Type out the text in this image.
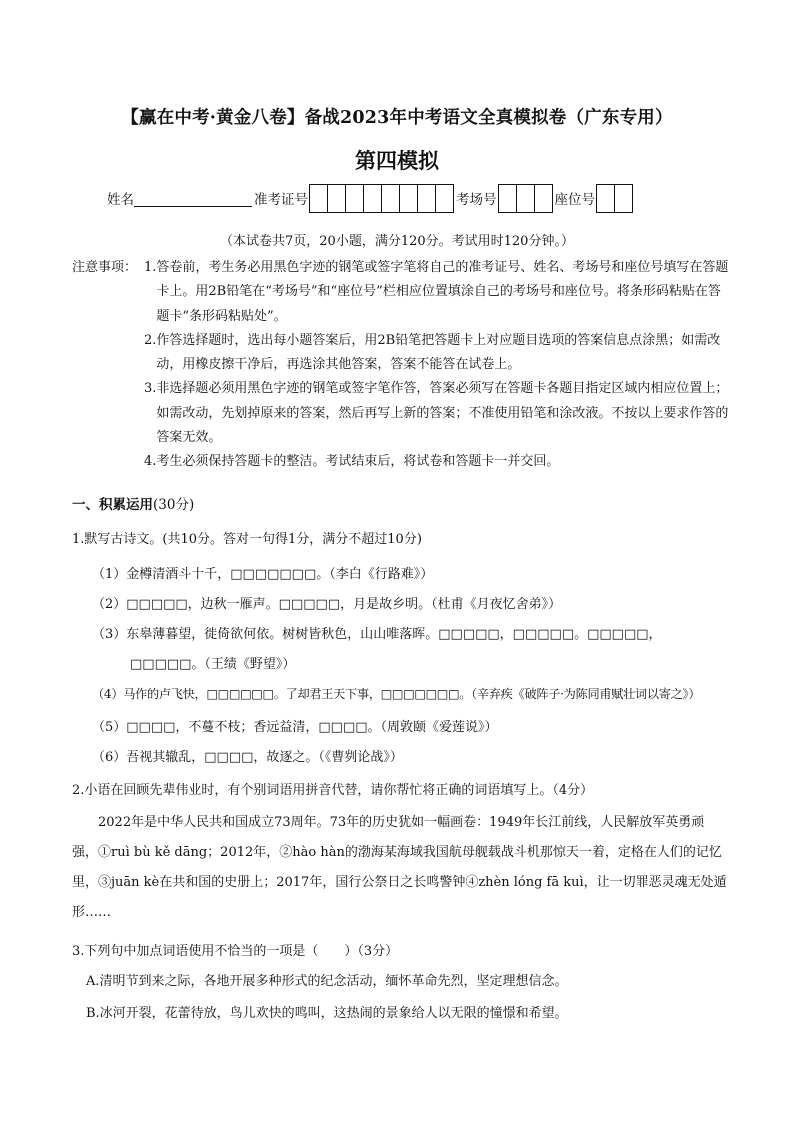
【赢在中考·黄金八卷】备战2023年中考语文全真模拟卷（广东专用）
第四模拟
姓名	准考证号	考场号	座位号
（本试卷共7页，20小题，满分120分。考试用时120分钟。）
注意事项： 1. 答卷前，考生务必用黑色字迹的钢笔或签字笔将自己的准考证号、姓名、考场号和座位号填写在答题卡上。用2B铅笔在“考场号”和“座位号”栏相应位置填涂自己的考场号和座位号。将条形码粘贴在答题卡“条形码粘贴处”。
2. 作答选择题时，选出每小题答案后，用2B铅笔把答题卡上对应题目选项的答案信息点涂黑；如需改动，用橡皮擦干净后，再选涂其他答案，答案不能答在试卷上。
3. 非选择题必须用黑色字迹的钢笔或签字笔作答，答案必须写在答题卡各题目指定区域内相应位置上；如需改动，先划掉原来的答案，然后再写上新的答案；不准使用铅笔和涂改液。不按以上要求作答的答案无效。
4. 考生必须保持答题卡的整洁。考试结束后，将试卷和答题卡一并交回。
一、积累运用(30分)
1.默写古诗文。(共10分。答对一句得1分，满分不超过10分)
（1）金樽清酒斗十千，□□□□□□□。（李白《行路难》）
（2）□□□□□，边秋一雁声。□□□□□，月是故乡明。（杜甫《月夜忆舍弟》）
（3）东皋薄暮望，徙倚欲何依。树树皆秋色，山山唯落晖。□□□□□，□□□□□。□□□□□，
□□□□□。（王绩《野望》）
（4）马作的卢飞快，□□□□□□。了却君王天下事，□□□□□□□。（辛弃疾《破阵子·为陈同甫赋壮词以寄之》）
（5）□□□□，不蔓不枝；香远益清，□□□□。（周敦颐《爱莲说》）
（6）吾视其辙乱，□□□□，故逐之。（《曹刿论战》）
2.小语在回顾先辈伟业时，有个别词语用拼音代替，请你帮忙将正确的词语填写上。（4分）
2022年是中华人民共和国成立73周年。73年的历史犹如一幅画卷：1949年长江前线，人民解放军英勇顽强，①ruì bù kě dāng；2012年，②hào hàn的渤海某海域我国航母舰载战斗机那惊天一着，定格在人们的记忆里，③juān kè在共和国的史册上；2017年，国行公祭日之长鸣警钟④zhèn lóng fā kuì，让一切罪恶灵魂无处遁形……
3.下列句中加点词语使用不恰当的一项是（　　）（3分）
A.清明节到来之际，各地开展多种形式的纪念活动，缅怀革命先烈，坚定理想信念。
B.冰河开裂，花蕾待放，鸟儿欢快的鸣叫，这热闹的景象给人以无限的憧憬和希望。
